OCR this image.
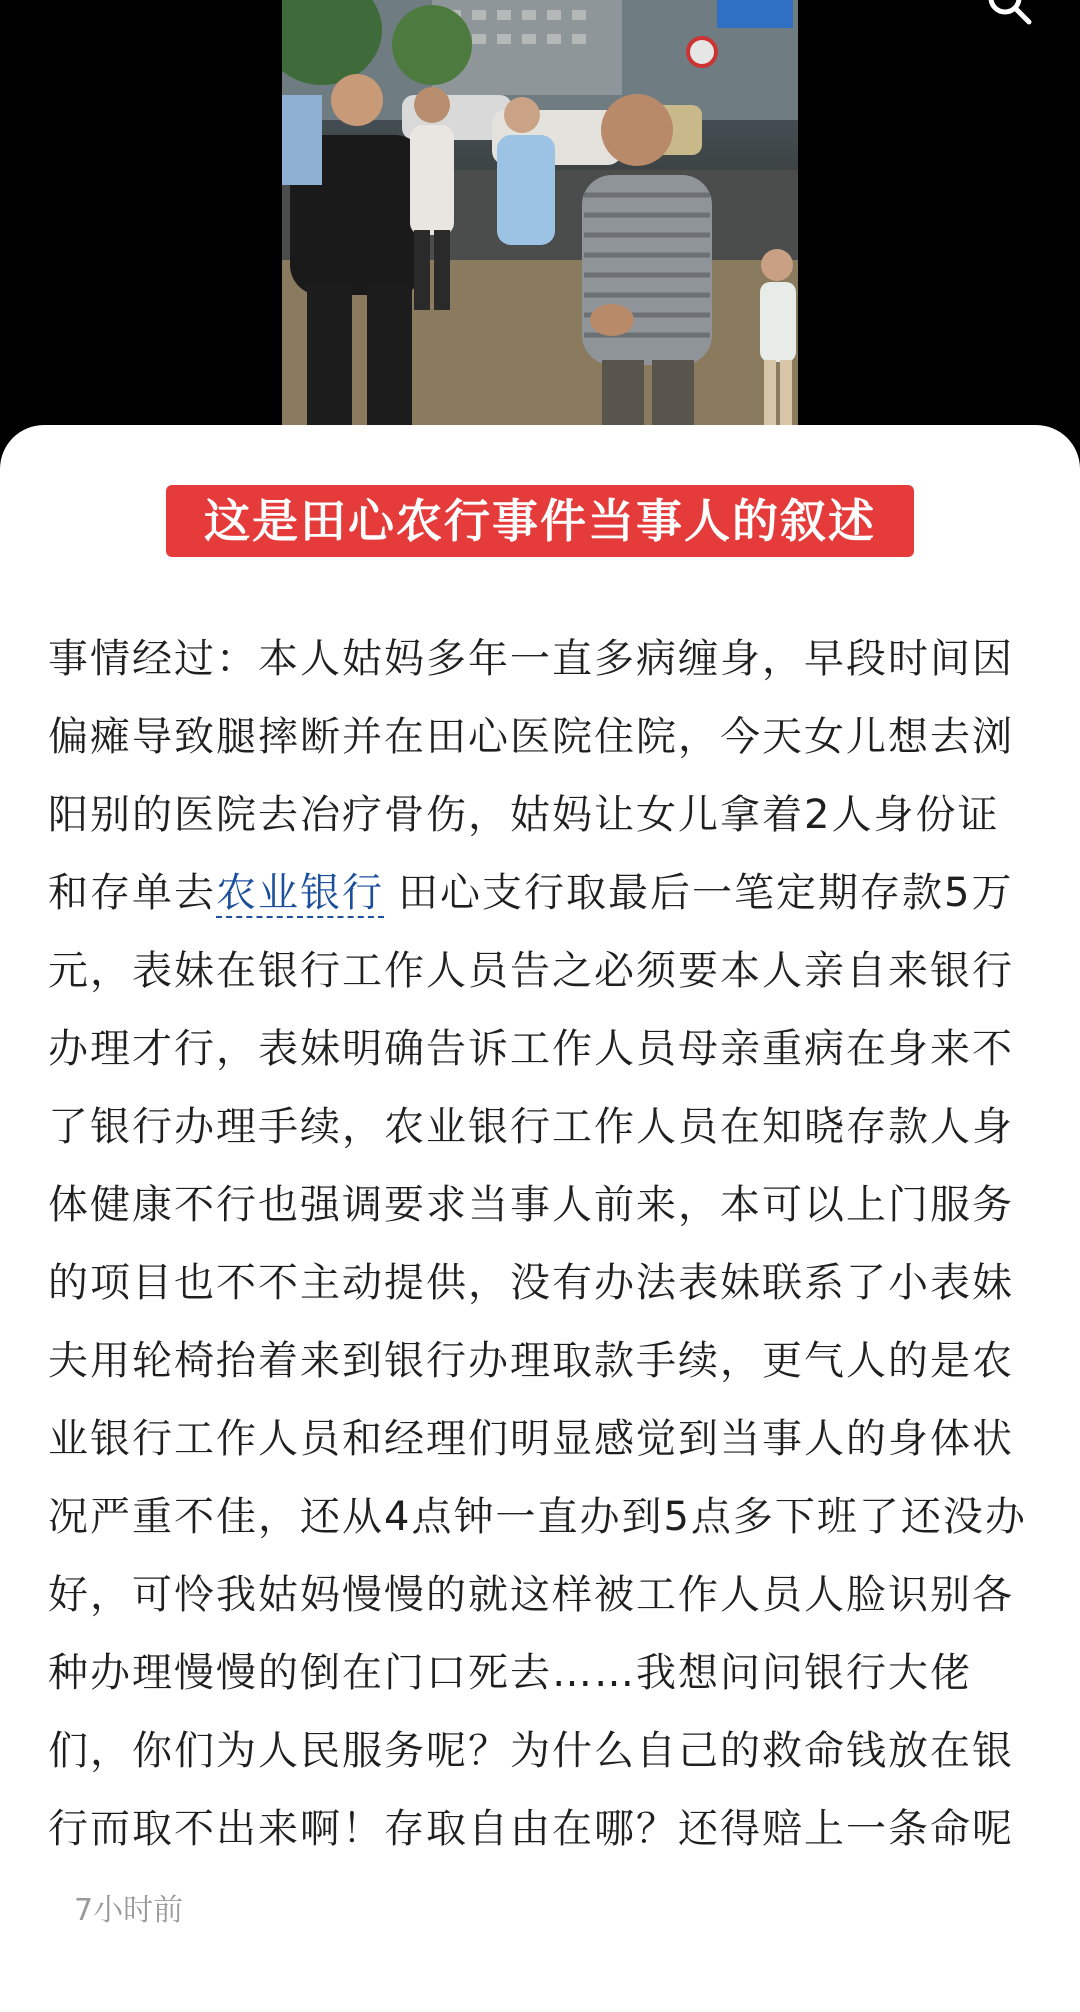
这是田心农行事件当事人的叙述

事情经过：本人姑妈多年一直多病缠身，早段时间因偏瘫导致腿摔断并在田心医院住院，今天女儿想去浏阳别的医院去冶疗骨伤，姑妈让女儿拿着2人身份证和存单去农业银行 田心支行取最后一笔定期存款5万元，表妹在银行工作人员告之必须要本人亲自来银行办理才行，表妹明确告诉工作人员母亲重病在身来不了银行办理手续，农业银行工作人员在知晓存款人身体健康不行也强调要求当事人前来，本可以上门服务的项目也不不主动提供，没有办法表妹联系了小表妹夫用轮椅抬着来到银行办理取款手续，更气人的是农业银行工作人员和经理们明显感觉到当事人的身体状况严重不佳，还从4点钟一直办到5点多下班了还没办好，可怜我姑妈慢慢的就这样被工作人员人脸识别各种办理慢慢的倒在门口死去……我想问问银行大佬们，你们为人民服务呢？为什么自己的救命钱放在银行而取不出来啊！存取自由在哪？还得赔上一条命呢7小时前
